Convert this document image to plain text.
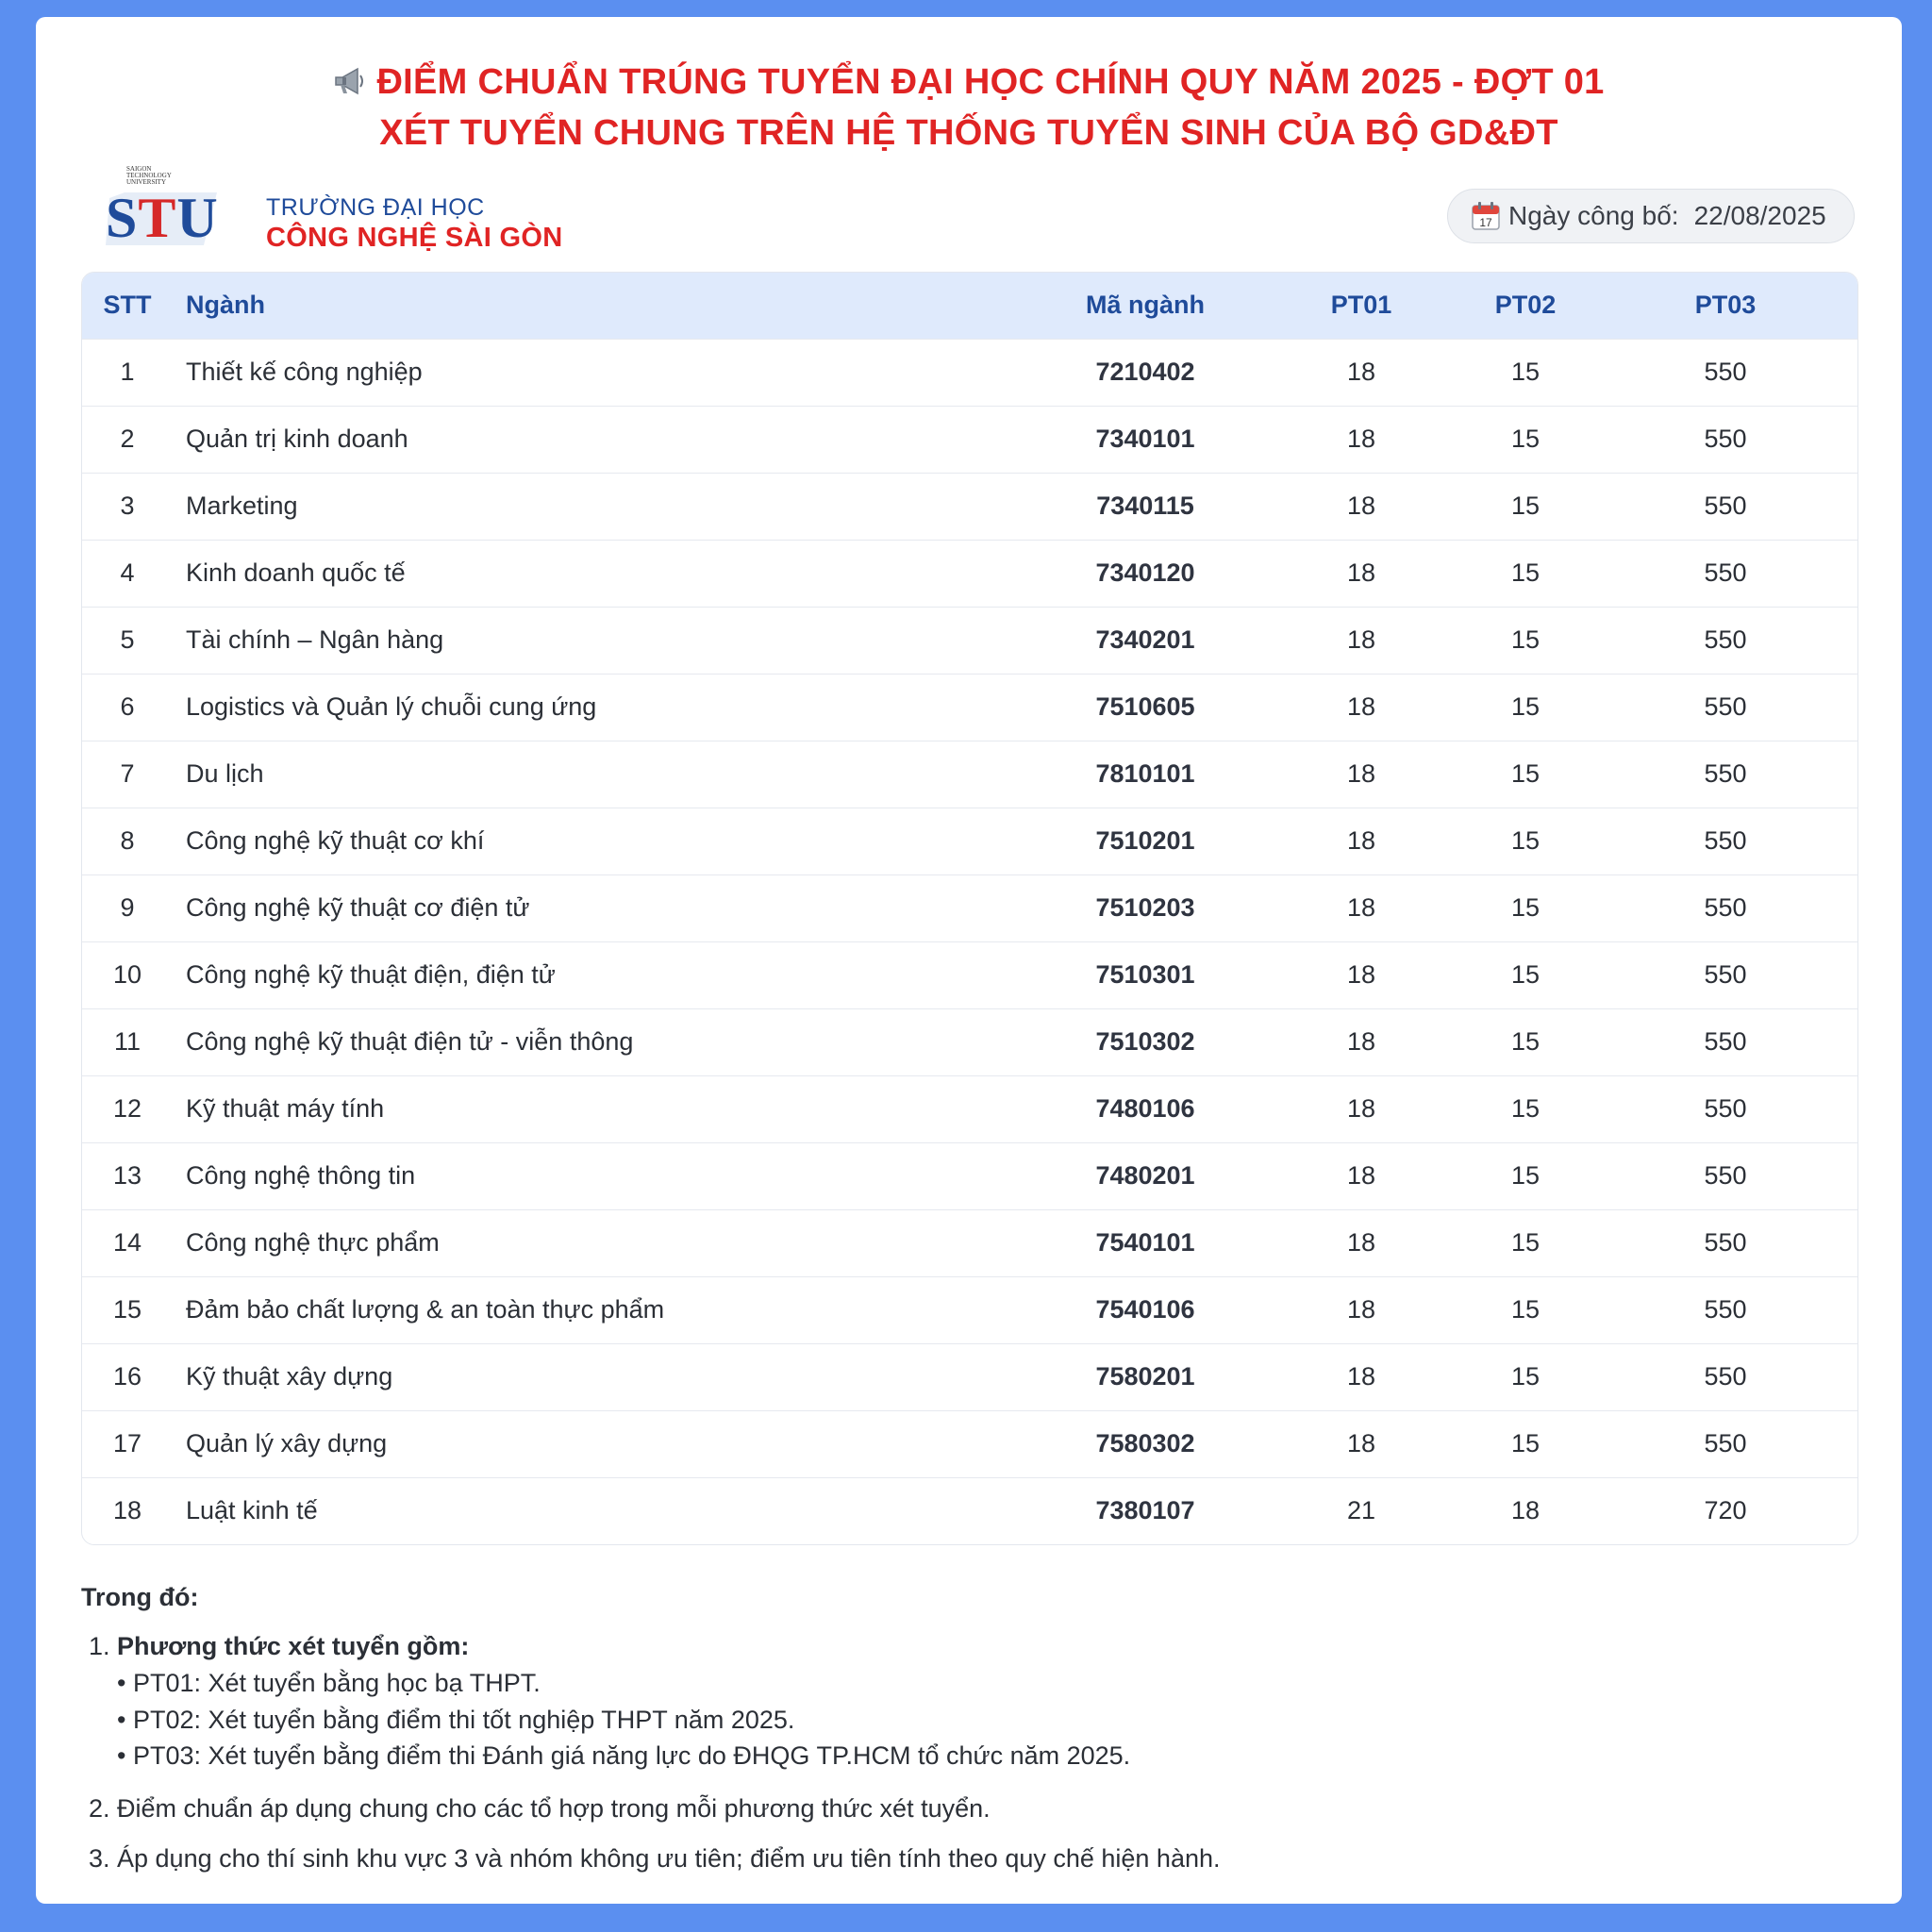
ĐIỂM CHUẨN TRÚNG TUYỂN ĐẠI HỌC CHÍNH QUY NĂM 2025 - ĐỢT 01
XÉT TUYỂN CHUNG TRÊN HỆ THỐNG TUYỂN SINH CỦA BỘ GD&ĐT
SAIGON TECHNOLOGY UNIVERSITY
STU TRƯỜNG ĐẠI HỌC
CÔNG NGHỆ SÀI GÒN	17 Ngày công bố: 22/08/2025
STT	Ngành	Mã ngành	PT01	PT02	PT03
1	Thiết kế công nghiệp	7210402	18	15	550
2	Quản trị kinh doanh	7340101	18	15	550
3	Marketing	7340115	18	15	550
4	Kinh doanh quốc tế	7340120	18	15	550
5	Tài chính – Ngân hàng	7340201	18	15	550
6	Logistics và Quản lý chuỗi cung ứng	7510605	18	15	550
7	Du lịch	7810101	18	15	550
8	Công nghệ kỹ thuật cơ khí	7510201	18	15	550
9	Công nghệ kỹ thuật cơ điện tử	7510203	18	15	550
10	Công nghệ kỹ thuật điện, điện tử	7510301	18	15	550
11	Công nghệ kỹ thuật điện tử - viễn thông	7510302	18	15	550
12	Kỹ thuật máy tính	7480106	18	15	550
13	Công nghệ thông tin	7480201	18	15	550
14	Công nghệ thực phẩm	7540101	18	15	550
15	Đảm bảo chất lượng & an toàn thực phẩm	7540106	18	15	550
16	Kỹ thuật xây dựng	7580201	18	15	550
17	Quản lý xây dựng	7580302	18	15	550
18	Luật kinh tế	7380107	21	18	720
Trong đó:
1. Phương thức xét tuyển gồm:
• PT01: Xét tuyển bằng học bạ THPT.
• PT02: Xét tuyển bằng điểm thi tốt nghiệp THPT năm 2025.
• PT03: Xét tuyển bằng điểm thi Đánh giá năng lực do ĐHQG TP.HCM tổ chức năm 2025.
2. Điểm chuẩn áp dụng chung cho các tổ hợp trong mỗi phương thức xét tuyển.
3. Áp dụng cho thí sinh khu vực 3 và nhóm không ưu tiên; điểm ưu tiên tính theo quy chế hiện hành.
